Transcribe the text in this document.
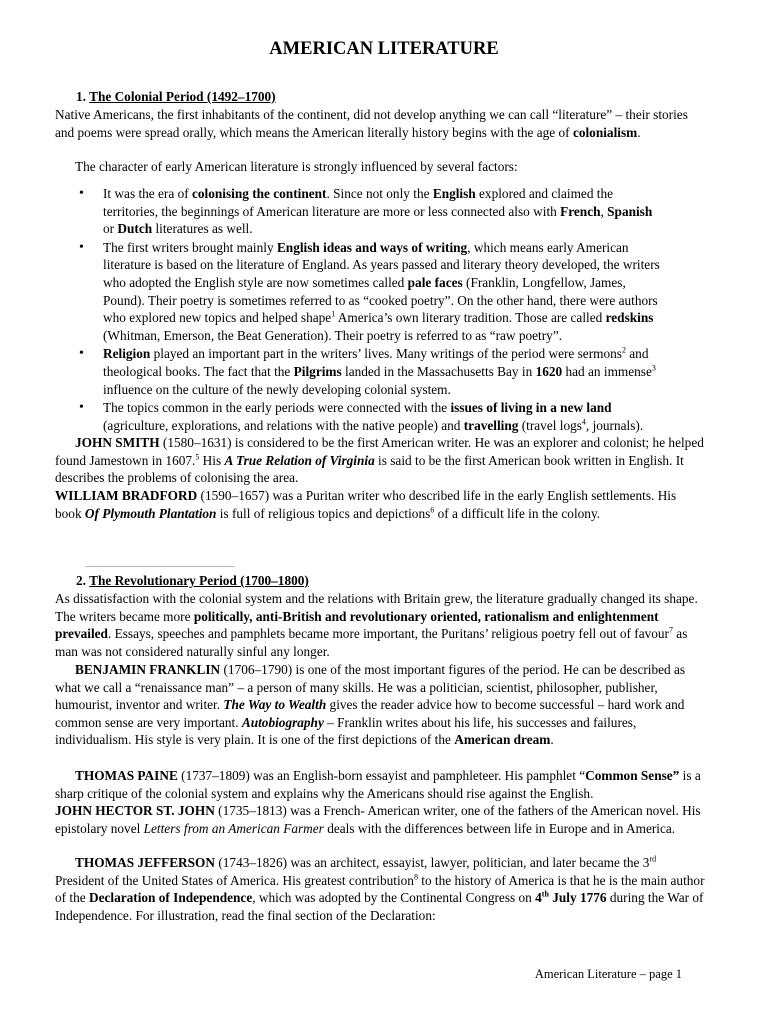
AMERICAN LITERATURE
1. The Colonial Period (1492–1700)
Native Americans, the first inhabitants of the continent, did not develop anything we can call “literature” – their stories and poems were spread orally, which means the American literally history begins with the age of colonialism.
The character of early American literature is strongly influenced by several factors:
• It was the era of colonising the continent. Since not only the English explored and claimed the territories, the beginnings of American literature are more or less connected also with French, Spanish or Dutch literatures as well.
• The first writers brought mainly English ideas and ways of writing, which means early American literature is based on the literature of England. As years passed and literary theory developed, the writers who adopted the English style are now sometimes called pale faces (Franklin, Longfellow, James, Pound). Their poetry is sometimes referred to as “cooked poetry”. On the other hand, there were authors who explored new topics and helped shape$^1$ America’s own literary tradition. Those are called redskins (Whitman, Emerson, the Beat Generation). Their poetry is referred to as “raw poetry”.
• Religion played an important part in the writers’ lives. Many writings of the period were sermons$^2$ and theological books. The fact that the Pilgrims landed in the Massachusetts Bay in 1620 had an immense$^3$ influence on the culture of the newly developing colonial system.
• The topics common in the early periods were connected with the issues of living in a new land (agriculture, explorations, and relations with the native people) and travelling (travel logs$^4$, journals).
JOHN SMITH (1580–1631) is considered to be the first American writer. He was an explorer and colonist; he helped found Jamestown in 1607.$^5$ His A True Relation of Virginia is said to be the first American book written in English. It describes the problems of colonising the area.
WILLIAM BRADFORD (1590–1657) was a Puritan writer who described life in the early English settlements. His book Of Plymouth Plantation is full of religious topics and depictions$^6$ of a difficult life in the colony.
2. The Revolutionary Period (1700–1800)
As dissatisfaction with the colonial system and the relations with Britain grew, the literature gradually changed its shape. The writers became more politically, anti-British and revolutionary oriented, rationalism and enlightenment prevailed. Essays, speeches and pamphlets became more important, the Puritans’ religious poetry fell out of favour$^7$ as man was not considered naturally sinful any longer.
BENJAMIN FRANKLIN (1706–1790) is one of the most important figures of the period. He can be described as what we call a “renaissance man” – a person of many skills. He was a politician, scientist, philosopher, publisher, humourist, inventor and writer. The Way to Wealth gives the reader advice how to become successful – hard work and common sense are very important. Autobiography – Franklin writes about his life, his successes and failures, individualism. His style is very plain. It is one of the first depictions of the American dream.
THOMAS PAINE (1737–1809) was an English-born essayist and pamphleteer. His pamphlet “Common Sense” is a sharp critique of the colonial system and explains why the Americans should rise against the English.
JOHN HECTOR ST. JOHN (1735–1813) was a French- American writer, one of the fathers of the American novel. His epistolary novel Letters from an American Farmer deals with the differences between life in Europe and in America.
THOMAS JEFFERSON (1743–1826) was an architect, essayist, lawyer, politician, and later became the 3rd President of the United States of America. His greatest contribution$^8$ to the history of America is that he is the main author of the Declaration of Independence, which was adopted by the Continental Congress on 4th July 1776 during the War of Independence. For illustration, read the final section of the Declaration:
American Literature – page 1
